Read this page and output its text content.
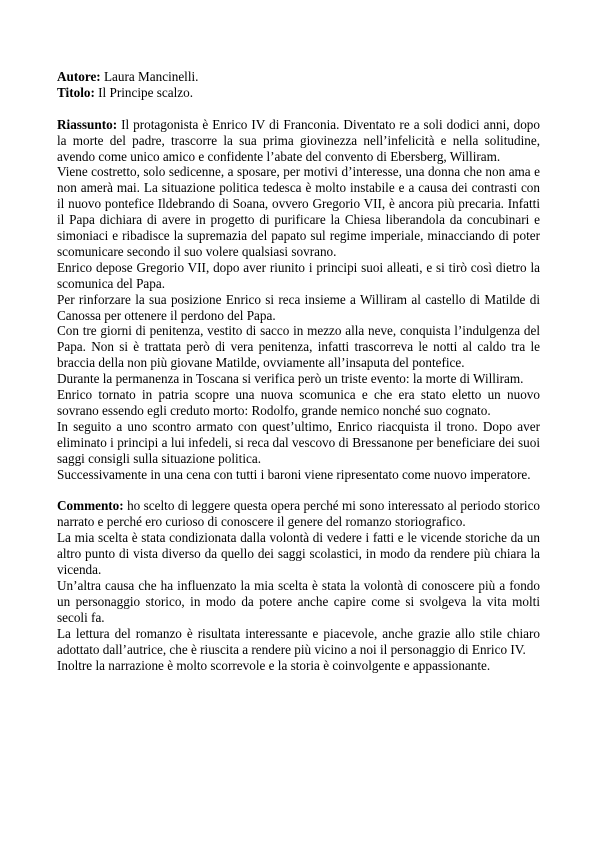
Autore: Laura Mancinelli.

Titolo: Il Principe scalzo.

Riassunto: Il protagonista è Enrico IV di Franconia. Diventato re a soli dodici anni, dopo la morte del padre, trascorre la sua prima giovinezza nell’infelicità e nella solitudine, avendo come unico amico e confidente l’abate del convento di Ebersberg, Williram.

Viene costretto, solo sedicenne, a sposare, per motivi d’interesse, una donna che non ama e non amerà mai. La situazione politica tedesca è molto instabile e a causa dei contrasti con il nuovo pontefice Ildebrando di Soana, ovvero Gregorio VII, è ancora più precaria. Infatti il Papa dichiara di avere in progetto di purificare la Chiesa liberandola da concubinari e simoniaci e ribadisce la supremazia del papato sul regime imperiale, minacciando di poter scomunicare secondo il suo volere qualsiasi sovrano.

Enrico depose Gregorio VII, dopo aver riunito i principi suoi alleati, e si tirò così dietro la scomunica del Papa.

Per rinforzare la sua posizione Enrico si reca insieme a Williram al castello di Matilde di Canossa per ottenere il perdono del Papa.

Con tre giorni di penitenza, vestito di sacco in mezzo alla neve, conquista l’indulgenza del Papa. Non si è trattata però di vera penitenza, infatti trascorreva le notti al caldo tra le braccia della non più giovane Matilde, ovviamente all’insaputa del pontefice.

Durante la permanenza in Toscana si verifica però un triste evento: la morte di Williram.

Enrico tornato in patria scopre una nuova scomunica e che era stato eletto un nuovo sovrano essendo egli creduto morto: Rodolfo, grande nemico nonché suo cognato.

In seguito a uno scontro armato con quest’ultimo, Enrico riacquista il trono. Dopo aver eliminato i principi a lui infedeli, si reca dal vescovo di Bressanone per beneficiare dei suoi saggi consigli sulla situazione politica.

Successivamente in una cena con tutti i baroni viene ripresentato come nuovo imperatore.

Commento: ho scelto di leggere questa opera perché mi sono interessato al periodo storico narrato e perché ero curioso di conoscere il genere del romanzo storiografico.

La mia scelta è stata condizionata dalla volontà di vedere i fatti e le vicende storiche da un altro punto di vista diverso da quello dei saggi scolastici, in modo da rendere più chiara la vicenda.

Un’altra causa che ha influenzato la mia scelta è stata la volontà di conoscere più a fondo un personaggio storico, in modo da potere anche capire come si svolgeva la vita molti secoli fa.

La lettura del romanzo è risultata interessante e piacevole, anche grazie allo stile chiaro adottato dall’autrice, che è riuscita a rendere più vicino a noi il personaggio di Enrico IV.

Inoltre la narrazione è molto scorrevole e la storia è coinvolgente e appassionante.
